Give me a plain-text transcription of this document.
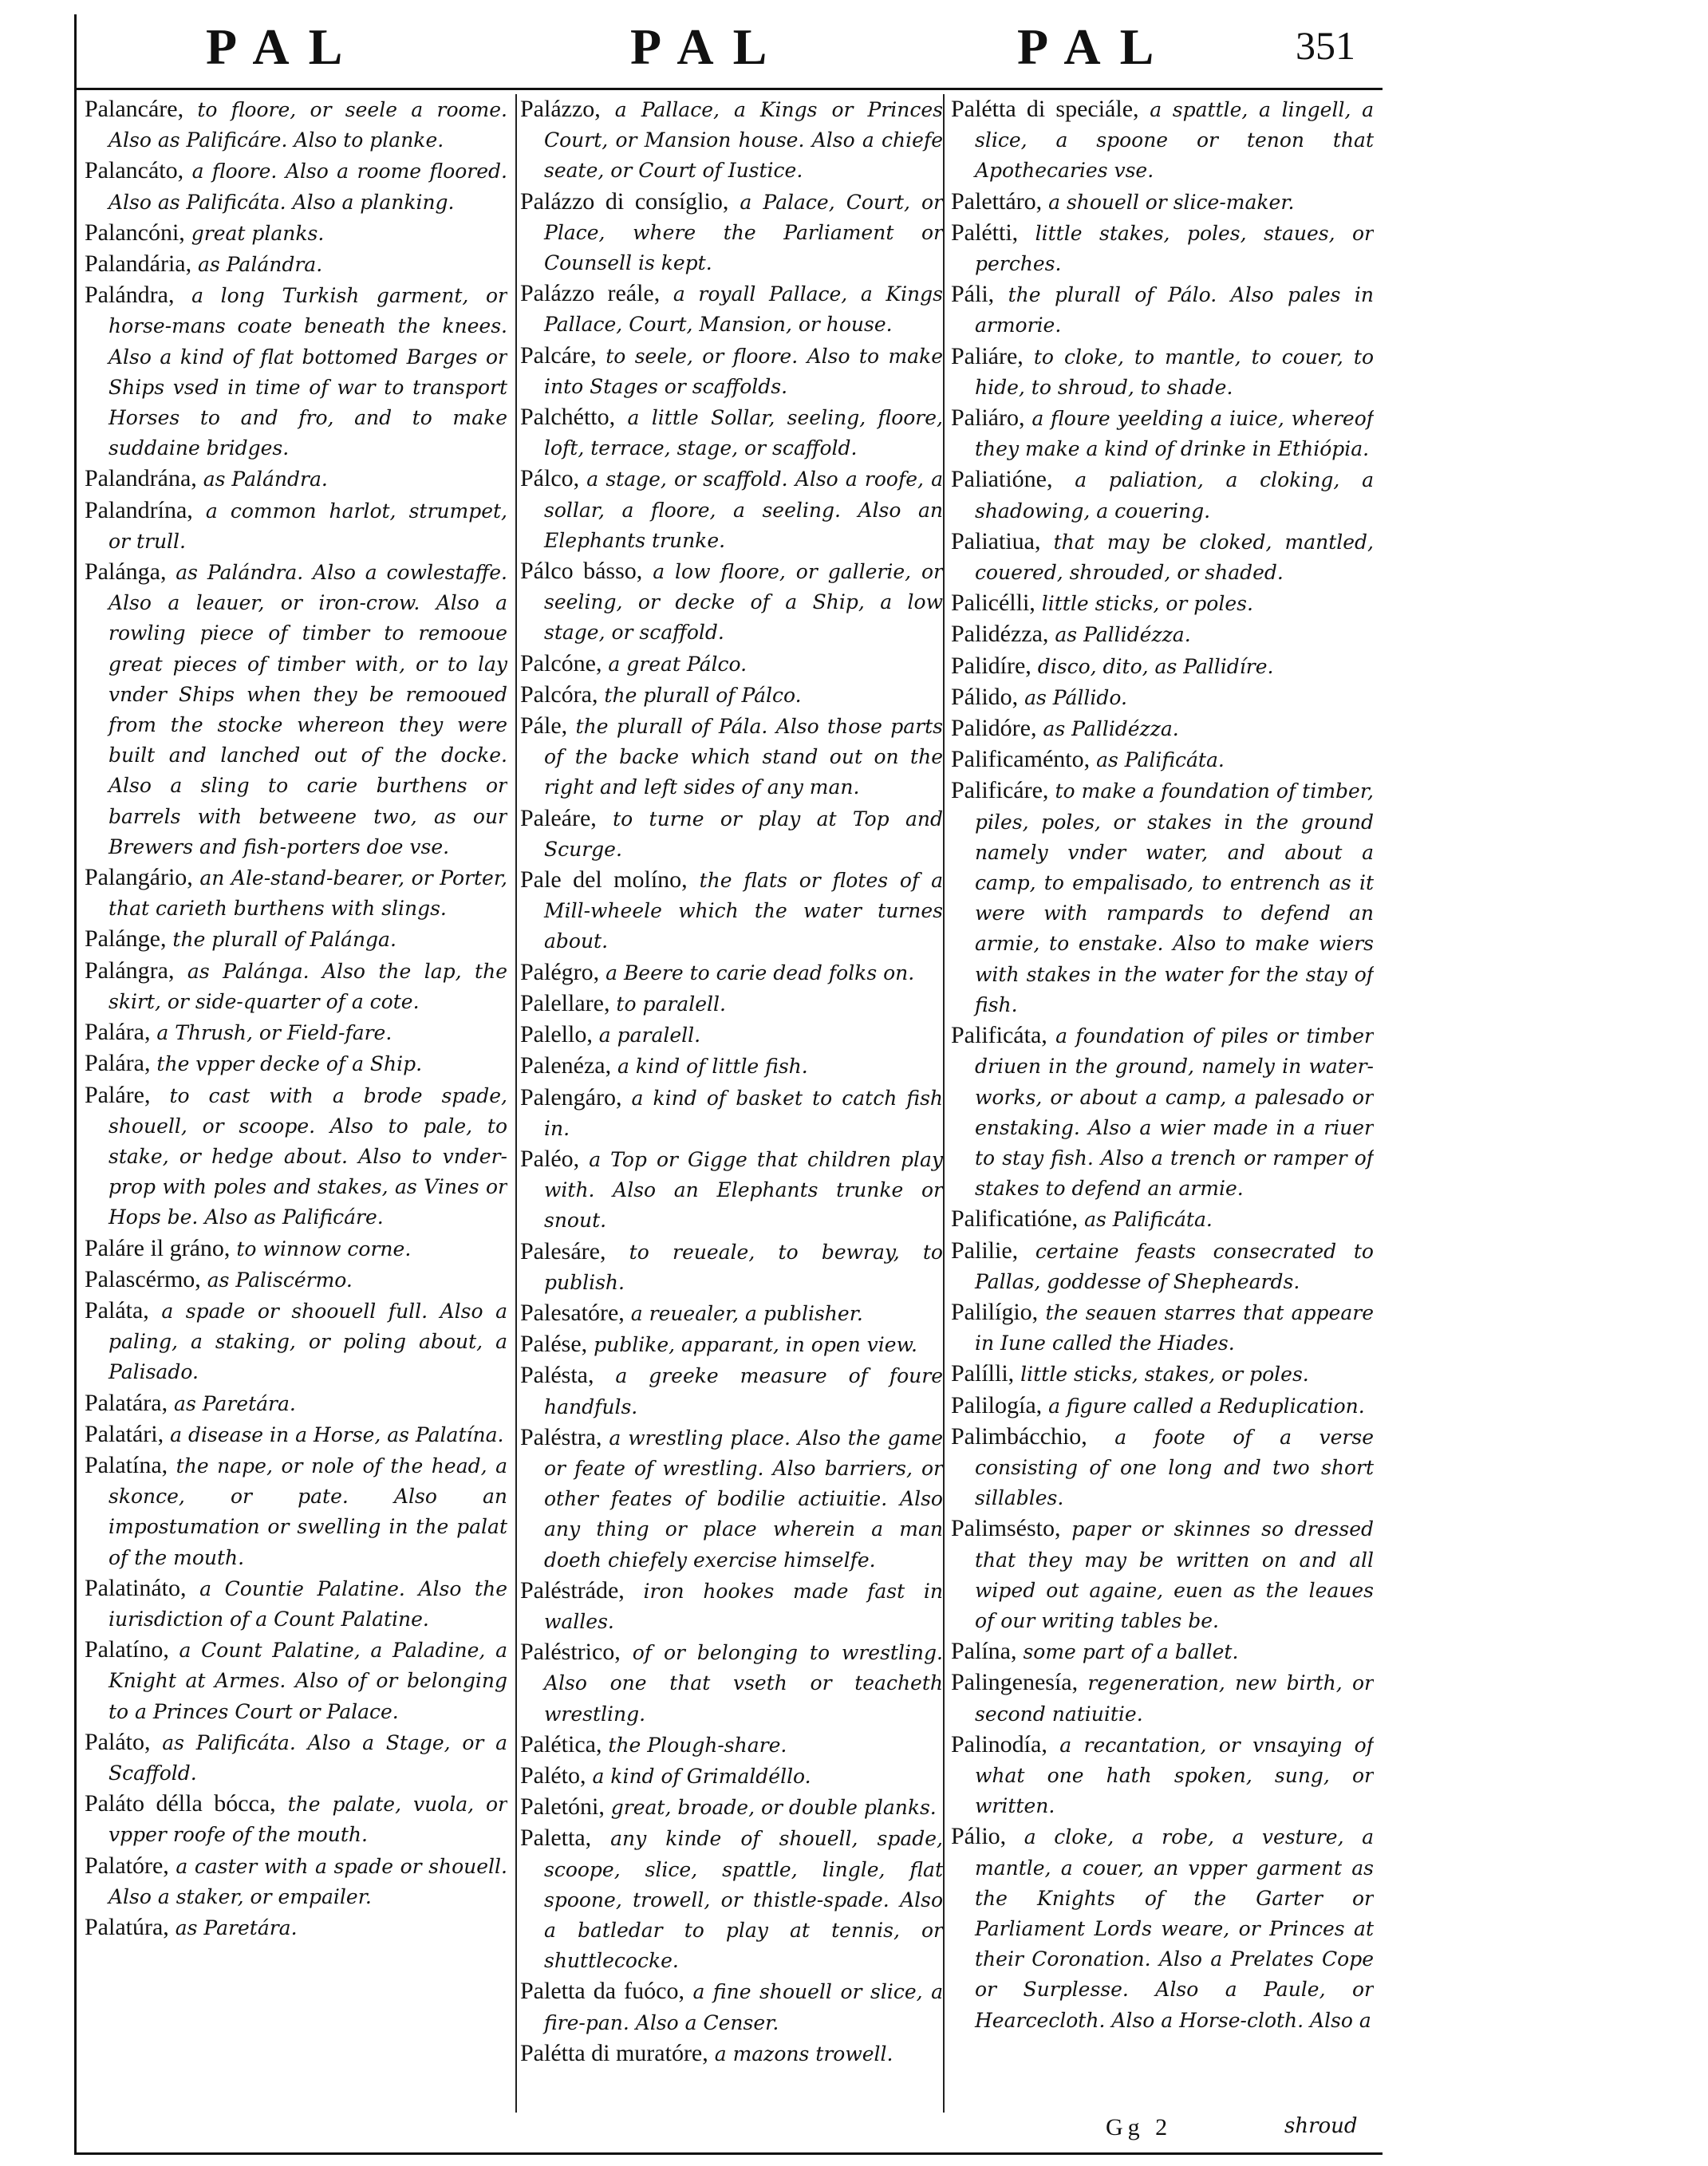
PAL	PAL	PAL	351

Palancáre, to floore, or seele a roome. Also as Palificáre. Also to planke.

Palancáto, a floore. Also a roome floored. Also as Palificáta. Also a planking.

Palancóni, great planks.

Palandária, as Palándra.

Palándra, a long Turkish garment, or horse-mans coate beneath the knees. Also a kind of flat bottomed Barges or Ships vsed in time of war to transport Horses to and fro, and to make suddaine bridges.

Palandrána, as Palándra.

Palandrína, a common harlot, strumpet, or trull.

Palánga, as Palándra. Also a cowlestaffe. Also a leauer, or iron-crow. Also a rowling piece of timber to remooue great pieces of timber with, or to lay vnder Ships when they be remooued from the stocke whereon they were built and lanched out of the docke. Also a sling to carie burthens or barrels with betweene two, as our Brewers and fish-porters doe vse.

Palangário, an Ale-stand-bearer, or Porter, that carieth burthens with slings.

Palánge, the plurall of Palánga.

Palángra, as Palánga. Also the lap, the skirt, or side-quarter of a cote.

Palára, a Thrush, or Field-fare.

Palára, the vpper decke of a Ship.

Paláre, to cast with a brode spade, shouell, or scoope. Also to pale, to stake, or hedge about. Also to vnder-prop with poles and stakes, as Vines or Hops be. Also as Palificáre.

Paláre il gráno, to winnow corne.

Palascérmo, as Paliscérmo.

Paláta, a spade or shoouell full. Also a paling, a staking, or poling about, a Palisado.

Palatára, as Paretára.

Palatári, a disease in a Horse, as Palatína.

Palatína, the nape, or nole of the head, a skonce, or pate. Also an impostumation or swelling in the palat of the mouth.

Palatináto, a Countie Palatine. Also the iurisdiction of a Count Palatine.

Palatíno, a Count Palatine, a Paladine, a Knight at Armes. Also of or belonging to a Princes Court or Palace.

Paláto, as Palificáta. Also a Stage, or a Scaffold.

Paláto délla bócca, the palate, vuola, or vpper roofe of the mouth.

Palatóre, a caster with a spade or shouell. Also a staker, or empailer.

Palatúra, as Paretára.

Palázzo, a Pallace, a Kings or Princes Court, or Mansion house. Also a chiefe seate, or Court of Iustice.

Palázzo di consíglio, a Palace, Court, or Place, where the Parliament or Counsell is kept.

Palázzo reále, a royall Pallace, a Kings Pallace, Court, Mansion, or house.

Palcáre, to seele, or floore. Also to make into Stages or scaffolds.

Palchétto, a little Sollar, seeling, floore, loft, terrace, stage, or scaffold.

Pálco, a stage, or scaffold. Also a roofe, a sollar, a floore, a seeling. Also an Elephants trunke.

Pálco básso, a low floore, or gallerie, or seeling, or decke of a Ship, a low stage, or scaffold.

Palcóne, a great Pálco.

Palcóra, the plurall of Pálco.

Pále, the plurall of Pála. Also those parts of the backe which stand out on the right and left sides of any man.

Paleáre, to turne or play at Top and Scurge.

Pale del molíno, the flats or flotes of a Mill-wheele which the water turnes about.

Palégro, a Beere to carie dead folks on.

Palellare, to paralell.

Palello, a paralell.

Palenéza, a kind of little fish.

Palengáro, a kind of basket to catch fish in.

Paléo, a Top or Gigge that children play with. Also an Elephants trunke or snout.

Palesáre, to reueale, to bewray, to publish.

Palesatóre, a reuealer, a publisher.

Palése, publike, apparant, in open view.

Palésta, a greeke measure of foure handfuls.

Paléstra, a wrestling place. Also the game or feate of wrestling. Also barriers, or other feates of bodilie actiuitie. Also any thing or place wherein a man doeth chiefely exercise himselfe.

Paléstráde, iron hookes made fast in walles.

Paléstrico, of or belonging to wrestling. Also one that vseth or teacheth wrestling.

Palética, the Plough-share.

Paléto, a kind of Grimaldéllo.

Paletóni, great, broade, or double planks.

Paletta, any kinde of shouell, spade, scoope, slice, spattle, lingle, flat spoone, trowell, or thistle-spade. Also a batledar to play at tennis, or shuttlecocke.

Paletta da fuóco, a fine shouell or slice, a fire-pan. Also a Censer.

Palétta di muratóre, a mazons trowell.

Palétta di speciále, a spattle, a lingell, a slice, a spoone or tenon that Apothecaries vse.

Palettáro, a shouell or slice-maker.

Palétti, little stakes, poles, staues, or perches.

Páli, the plurall of Pálo. Also pales in armorie.

Paliáre, to cloke, to mantle, to couer, to hide, to shroud, to shade.

Paliáro, a floure yeelding a iuice, whereof they make a kind of drinke in Ethiópia.

Paliatióne, a paliation, a cloking, a shadowing, a couering.

Paliatiua, that may be cloked, mantled, couered, shrouded, or shaded.

Palicélli, little sticks, or poles.

Palidézza, as Pallidézza.

Palidíre, disco, dito, as Pallidíre.

Pálido, as Pállido.

Palidóre, as Pallidézza.

Palificaménto, as Palificáta.

Palificáre, to make a foundation of timber, piles, poles, or stakes in the ground namely vnder water, and about a camp, to empalisado, to entrench as it were with rampards to defend an armie, to enstake. Also to make wiers with stakes in the water for the stay of fish.

Palificáta, a foundation of piles or timber driuen in the ground, namely in water-works, or about a camp, a palesado or enstaking. Also a wier made in a riuer to stay fish. Also a trench or ramper of stakes to defend an armie.

Palificatióne, as Palificáta.

Palilie, certaine feasts consecrated to Pallas, goddesse of Shepheards.

Palilígio, the seauen starres that appeare in Iune called the Hiades.

Palílli, little sticks, stakes, or poles.

Palilogía, a figure called a Reduplication.

Palimbácchio, a foote of a verse consisting of one long and two short sillables.

Palimsésto, paper or skinnes so dressed that they may be written on and all wiped out againe, euen as the leaues of our writing tables be.

Palína, some part of a ballet.

Palingenesía, regeneration, new birth, or second natiuitie.

Palinodía, a recantation, or vnsaying of what one hath spoken, sung, or written.

Pálio, a cloke, a robe, a vesture, a mantle, a couer, an vpper garment as the Knights of the Garter or Parliament Lords weare, or Princes at their Coronation. Also a Prelates Cope or Surplesse. Also a Paule, or Hearcecloth. Also a Horse-cloth. Also a

Gg 2	shroud
